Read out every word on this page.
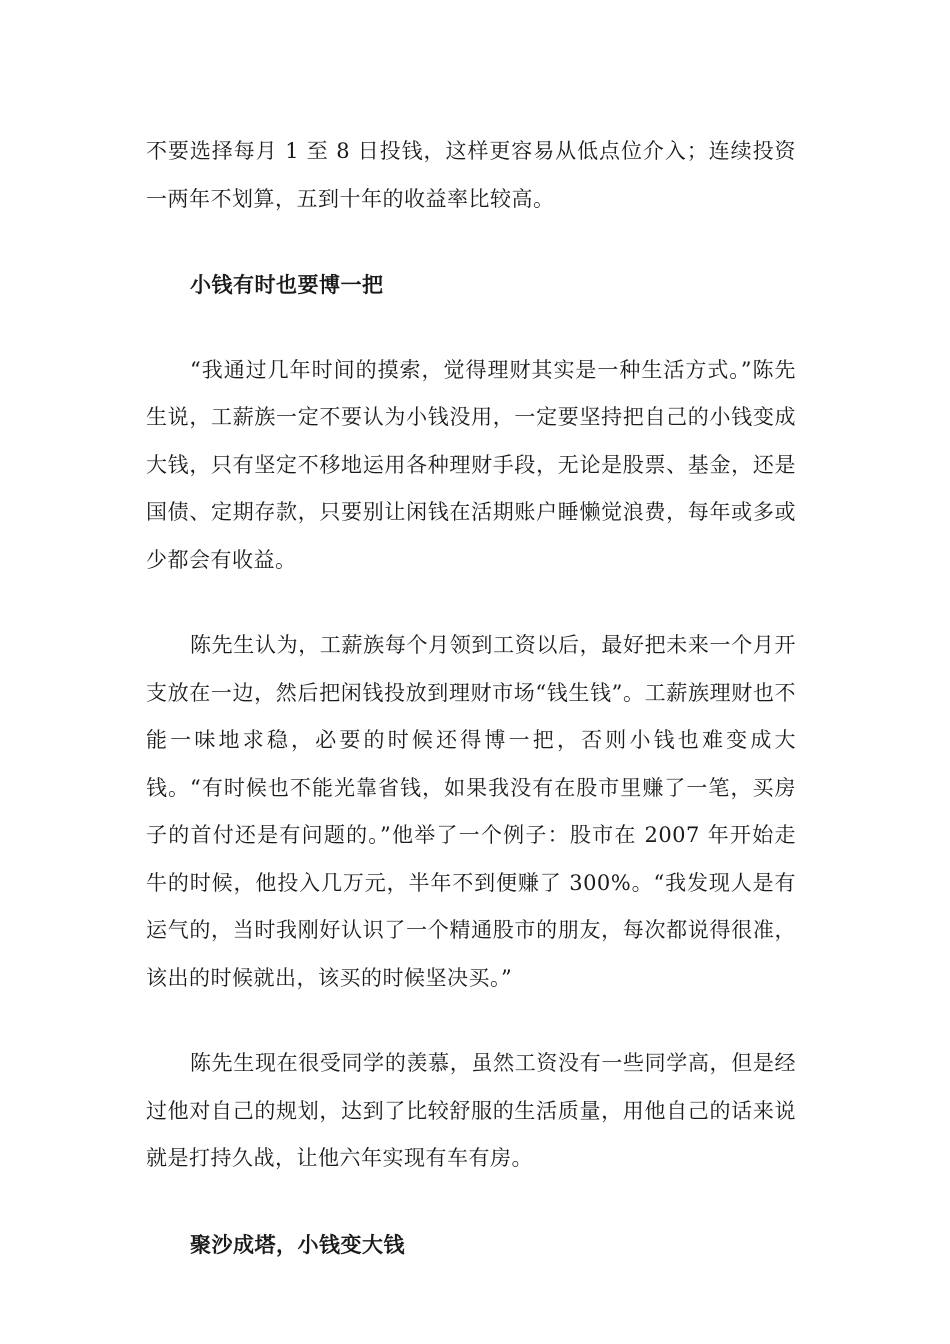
不要选择每月 1 至 8 日投钱，这样更容易从低点位介入；连续投资一两年不划算，五到十年的收益率比较高。

小钱有时也要博一把

“我通过几年时间的摸索，觉得理财其实是一种生活方式。”陈先生说，工薪族一定不要认为小钱没用，一定要坚持把自己的小钱变成大钱，只有坚定不移地运用各种理财手段，无论是股票、基金，还是国债、定期存款，只要别让闲钱在活期账户睡懒觉浪费，每年或多或少都会有收益。

陈先生认为，工薪族每个月领到工资以后，最好把未来一个月开支放在一边，然后把闲钱投放到理财市场“钱生钱”。工薪族理财也不能一味地求稳，必要的时候还得博一把，否则小钱也难变成大钱。“有时候也不能光靠省钱，如果我没有在股市里赚了一笔，买房子的首付还是有问题的。”他举了一个例子：股市在 2007 年开始走牛的时候，他投入几万元，半年不到便赚了 300%。“我发现人是有运气的，当时我刚好认识了一个精通股市的朋友，每次都说得很准，该出的时候就出，该买的时候坚决买。”

陈先生现在很受同学的羡慕，虽然工资没有一些同学高，但是经过他对自己的规划，达到了比较舒服的生活质量，用他自己的话来说就是打持久战，让他六年实现有车有房。

聚沙成塔，小钱变大钱
